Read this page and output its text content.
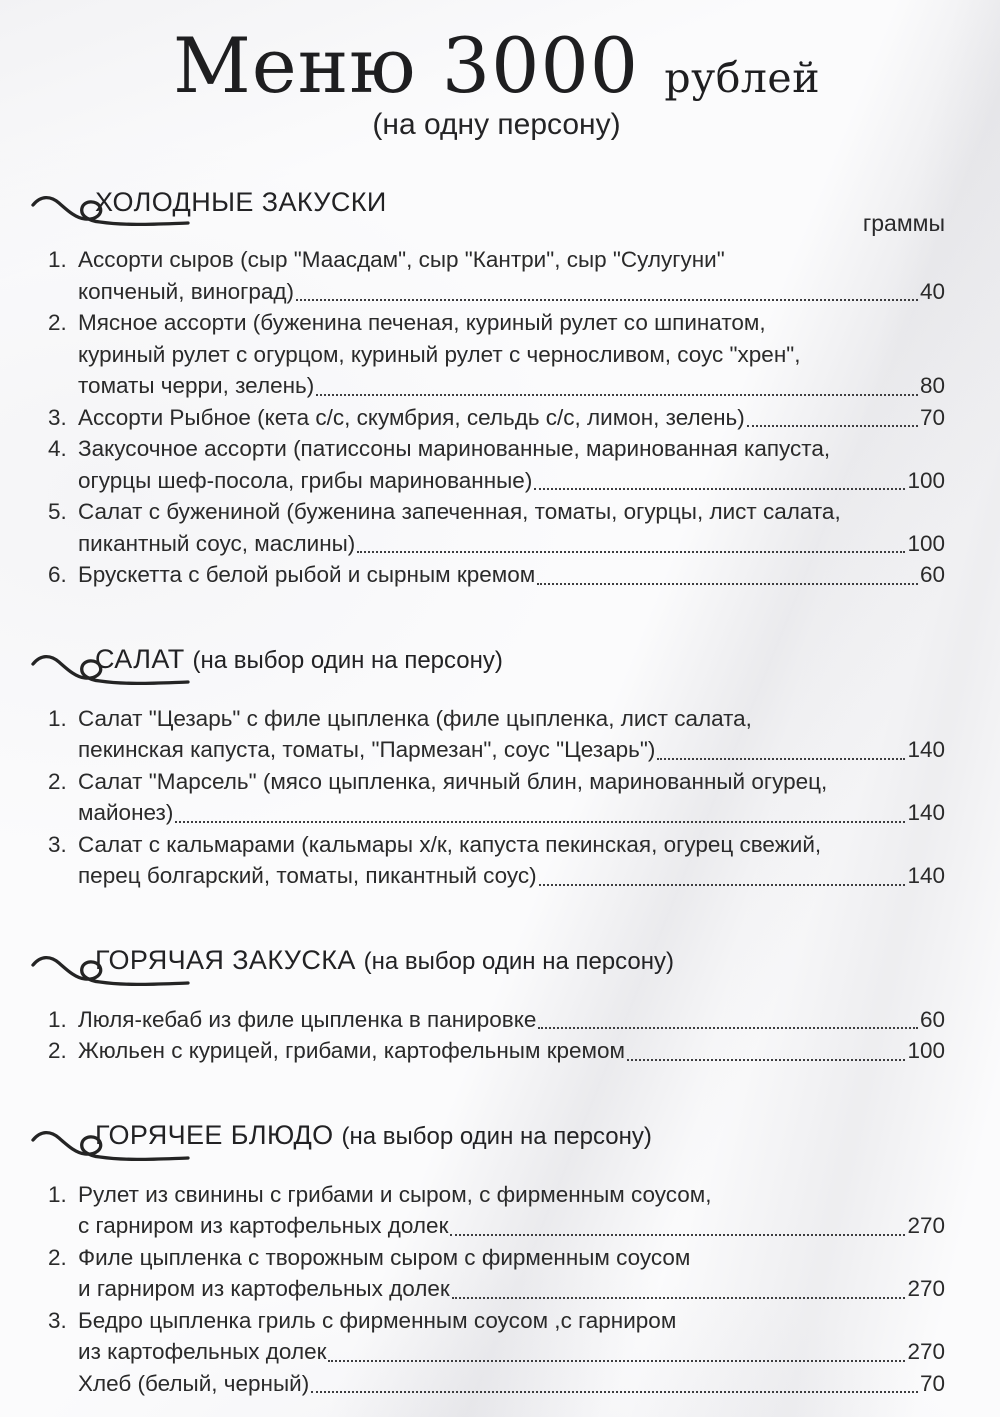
Меню 3000 рублей
(на одну персону)
ХОЛОДНЫЕ ЗАКУСКИ
граммы
1. Ассорти сыров (сыр "Маасдам", сыр "Кантри", сыр "Сулугуни"
копченый, виноград)	40
2. Мясное ассорти (буженина печеная, куриный рулет со шпинатом,
куриный рулет с огурцом, куриный рулет с черносливом, соус "хрен",
томаты черри, зелень)	80
3. Ассорти Рыбное (кета с/с, скумбрия, сельдь с/с, лимон, зелень)	70
4. Закусочное ассорти (патиссоны маринованные, маринованная капуста,
огурцы шеф-посола, грибы маринованные)	100
5. Салат с бужениной (буженина запеченная, томаты, огурцы, лист салата,
пикантный соус, маслины)	100
6. Брускетта с белой рыбой и сырным кремом	60
САЛАТ (на выбор один на персону)
1. Салат "Цезарь" с филе цыпленка (филе цыпленка, лист салата,
пекинская капуста, томаты, "Пармезан", соус "Цезарь")	140
2. Салат "Марсель" (мясо цыпленка, яичный блин, маринованный огурец,
майонез)	140
3. Салат с кальмарами (кальмары х/к, капуста пекинская, огурец свежий,
перец болгарский, томаты, пикантный соус)	140
ГОРЯЧАЯ ЗАКУСКА (на выбор один на персону)
1. Люля-кебаб из филе цыпленка в панировке	60
2. Жюльен с курицей, грибами, картофельным кремом	100
ГОРЯЧЕЕ БЛЮДО (на выбор один на персону)
1. Рулет из свинины с грибами и сыром, с фирменным соусом,
с гарниром из картофельных долек	270
2. Филе цыпленка с творожным сыром с фирменным соусом
и гарниром из картофельных долек	270
3. Бедро цыпленка гриль с фирменным соусом ,с гарниром
из картофельных долек	270
Хлеб (белый, черный)	70
